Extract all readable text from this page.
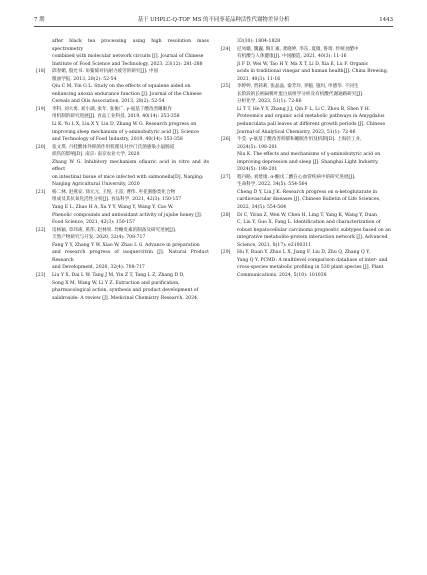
7 期	基于 UHPLC-Q-TOF MS 的不同枣花品种活性代谢物差异分析	1443
after black tea processing using high resolution mass spectrometry
combined with molecular network circuits [J]. Journal of Chinese
Institute of Food Science and Technology, 2023, 23(12): 281-288
[18]	邱春媚, 殷允书. 角鲨烯对抗耐力疲劳的研究[J]. 中国
粮油学报, 2013, 28(2): 52-54
Qiu C M, Yin G L. Study on the effects of squalene aided on
enhancing anoxia endurance function [J]. Journal of the Chinese
Cereals and Oils Association, 2013, 28(2): 52-54
[19]	李科, 刘大勇, 刘小湖, 张年, 张俊广. γ-氨基丁酸改善睡眠作
用机制的研究进展[J]. 食品工业科技, 2019, 40(14): 353-358
Li K, Yu L X, Liu X Y, Liu D, Zhang W G. Research progress on
improving sleep mechanism of γ-aminobutyric acid [J]. Science
and Technology of Food Industry, 2019, 40(14): 353-358
[20]	张文琪. 月桂酸体外抑菌作用机理及对沙门氏菌感染小鼠肠道
损伤的影响[D]. 南京: 南京农业大学, 2020
Zhang W G. Inhibitory mechanism oflauric acid in vitro and its effect
on intestinal tissue of mice infected with salmonella[D]. Nanjing:
Nanjing Agricultural University, 2020
[21]	杨二林, 赵燕安, 徐元元, 王悦, 王雷, 曹伟. 枣花蜜酚类化合物
组成及其抗氧化活性分析[J]. 食品科学, 2021, 42(3): 150-157
Yang E L, Zhao H A, Xu Y Y, Wang Y, Wang Y, Cao W.
Phenolic compounds and antioxidant activity of jujube honey [J].
Food Science, 2021, 42(3): 150-157
[22]	房杨颖, 章玮竣, 蕉伟, 赵林果. 异槲皮素的制备及研究进展[J].
天然产物研究与开发, 2020, 32(4): 708-717
Fang Y Y, Zhang Y W, Xiao W, Zhao L G. Advance in preparation
and research progress of isoquercitrin [J]. Natural Product Research
and Development, 2020, 32(4): 708-717
[23]	Liu Y X, Dai L W, Tang J M, Yin Z T, Tang L Z, Zhang D D,
Song X M, Wang W, Li Y Z. Extraction and purification,
pharmacological action, synthesis and product development of
salidroside: A review [J]. Medicinal Chemistry Research, 2024,
33(10): 1804-1828
[24]	尼凤娥, 魏巍, 陶汇素, 龚晓婷, 李东, 夏微, 鲁琦. 传统食醋中
有机酸与人体健康[J]. 中国酿造, 2021, 40(3): 11-16
Ji F D, Wei W, Tao H Y, Ma X T, Li D, Xia E, Lu F. Organic
acids in traditional vinegar and human health[J]. China Brewing,
2021, 40(3): 11-16
[25]	李婷婷, 贾莉莉, 张晶晶, 秦芳玲, 李魁, 施玛, 申德华. 不同生
长阶段的长柄扁桃叶蛋白质组学分析及有机酸代谢通路研究[J].
分析化学, 2023, 51(1): 72-86
Li T T, He Y Y, Zhang J J, Qin F L, Li C, Zhou B, Shen Y H.
Proteomics and organic acid metabolic pathways in Amygdalus
pedunculata pall leaves at different growth periods [J]. Chinese
Journal of Analytical Chemistry, 2023, 51(1): 72-86
[26]	牛莹. γ-氨基丁酸改善抑郁和睡眠作用及机制[D]. 上海轻工业,
2024(5): 198-201
Niu K. The effects and mechanisms of γ-aminobutyric acid on
improving depression and sleep [J]. Shanghai Light Industry,
2024(5): 198-201
[27]	程丹路, 刘建康. α-酮戊二酸在心血管疾病中的研究进展[J].
生命科学, 2022, 34(5): 554-564
Cheng D Y, Liu J K. Research progress on α-ketoglutarate in
cardiovascular diseases [J]. Chinese Bulletin of Life Sciences,
2022, 34(5): 554-564
[28]	Di C, Yiran Z, Wen W, Chen H, Ling T, Yang K, Wang Y, Duan
C, Liu Y, Guo X, Fang L. Identification and characterization of
robust hepatocellular carcinoma prognostic subtypes based on an
integrative metabolite-protein interaction network [J]. Advanced
Science, 2021, 8(17): e2100311
[29]	Hu Y, Ruan Y, Zhao L X, Jiang F, Liu D, Zhu Q, Zhang Q Y,
Yang Q Y. PCMD: A multilevel comparison database of inter- and
cross-species metabolic profiling in 530 plant species [J]. Plant
Communications, 2024, 5(10): 101038
